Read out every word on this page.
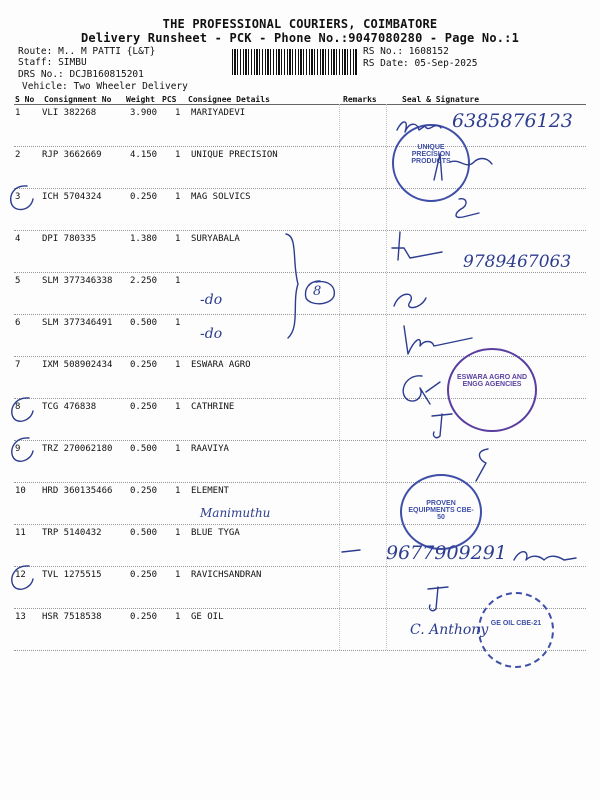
THE PROFESSIONAL COURIERS, COIMBATORE
Delivery Runsheet - PCK - Phone No.:9047080280 - Page No.:1
Route: M.. M PATTI {L&T}
Staff: SIMBU
DRS No.: DCJB160815201
Vehicle: Two Wheeler Delivery
RS No.: 1608152
RS Date: 05-Sep-2025
S No Consignment No Weight PCS Consignee Details	Remarks	Seal & Signature
1 VLI 382268	3.900 1 MARIYADEVI
2 RJP 3662669	4.150 1 UNIQUE PRECISION
3 ICH 5704324	0.250 1 MAG SOLVICS
4 DPI 780335	1.380 1 SURYABALA
5 SLM 377346338 2.250 1
6 SLM 377346491 0.500 1
7 IXM 508902434 0.250 1 ESWARA AGRO
8 TCG 476838	0.250 1 CATHRINE
9 TRZ 270062180 0.500 1 RAAVIYA
10 HRD 360135466 0.250 1 ELEMENT
11 TRP 5140432	0.500 1 BLUE TYGA
12 TVL 1275515	0.250 1 RAVICHSANDRAN
13 HSR 7518538	0.250 1 GE OIL
UNIQUE PRECISION PRODUCTS
6385876123
9789467063
8
-do
-do
ESWARA AGRO AND ENGG AGENCIES
PROVEN EQUIPMENTS CBE-50
Manimuthu
9677909291
GE OIL CBE-21
C. Anthony
